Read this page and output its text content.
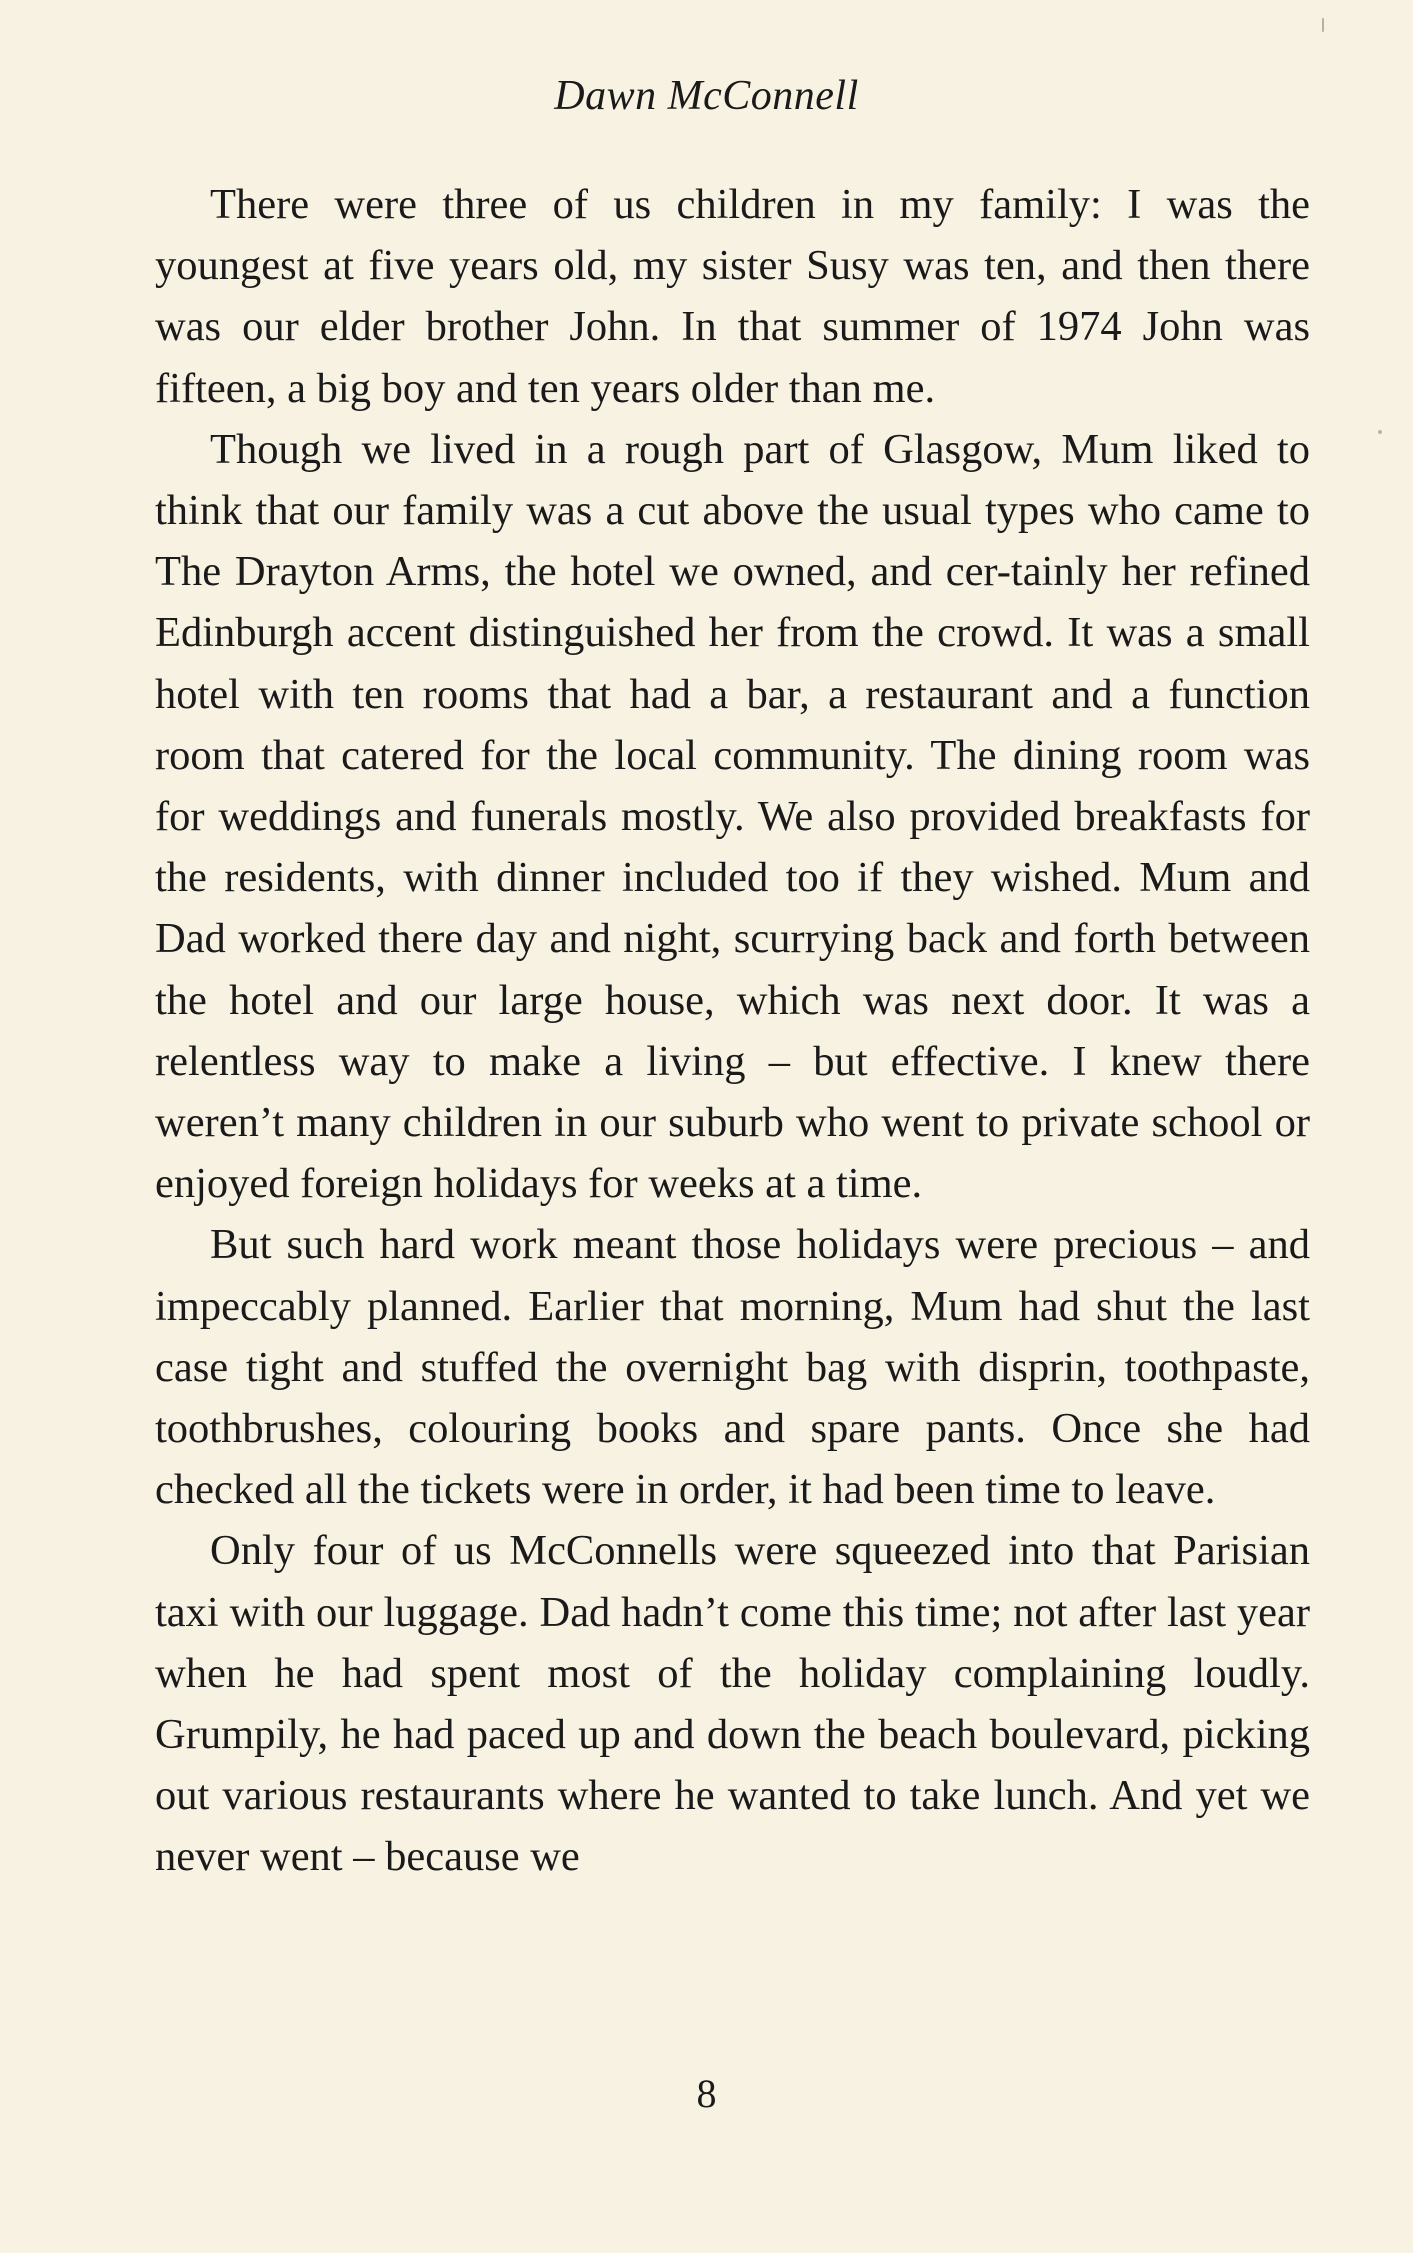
Dawn McConnell

There were three of us children in my family: I was the youngest at five years old, my sister Susy was ten, and then there was our elder brother John. In that summer of 1974 John was fifteen, a big boy and ten years older than me.

Though we lived in a rough part of Glasgow, Mum liked to think that our family was a cut above the usual types who came to The Drayton Arms, the hotel we owned, and cer-tainly her refined Edinburgh accent distinguished her from the crowd. It was a small hotel with ten rooms that had a bar, a restaurant and a function room that catered for the local community. The dining room was for weddings and funerals mostly. We also provided breakfasts for the residents, with dinner included too if they wished. Mum and Dad worked there day and night, scurrying back and forth between the hotel and our large house, which was next door. It was a relentless way to make a living – but effective. I knew there weren’t many children in our suburb who went to private school or enjoyed foreign holidays for weeks at a time.

But such hard work meant those holidays were precious – and impeccably planned. Earlier that morning, Mum had shut the last case tight and stuffed the overnight bag with disprin, toothpaste, toothbrushes, colouring books and spare pants. Once she had checked all the tickets were in order, it had been time to leave.

Only four of us McConnells were squeezed into that Parisian taxi with our luggage. Dad hadn’t come this time; not after last year when he had spent most of the holiday complaining loudly. Grumpily, he had paced up and down the beach boulevard, picking out various restaurants where he wanted to take lunch. And yet we never went – because we

8
